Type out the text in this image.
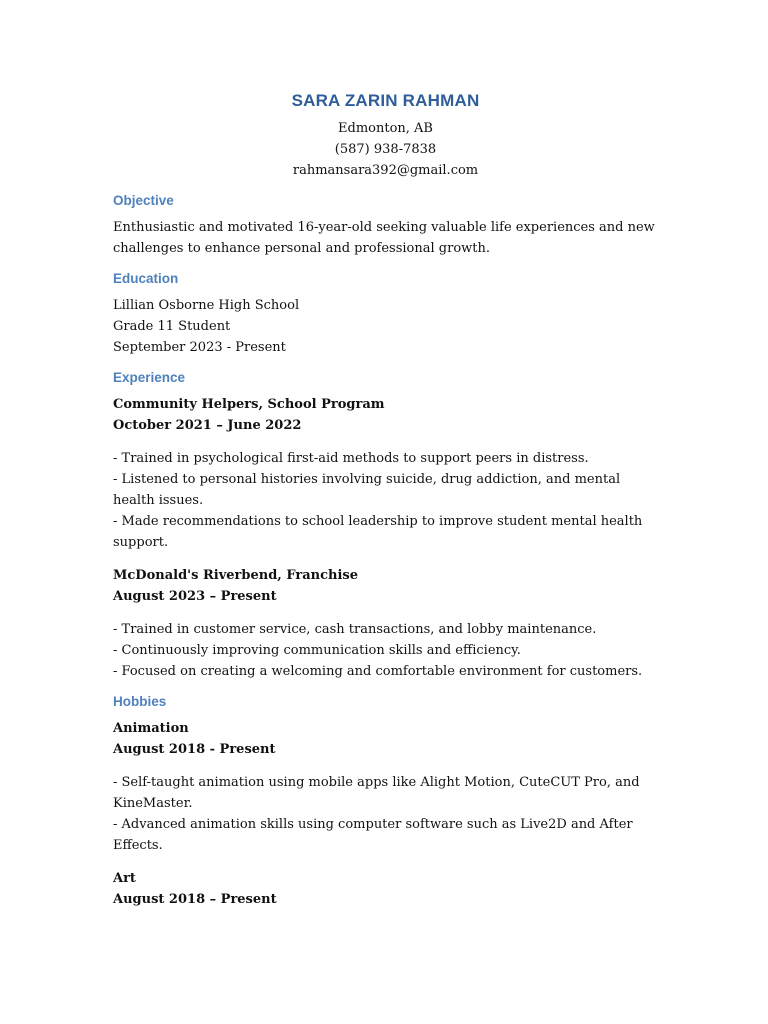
SARA ZARIN RAHMAN
Edmonton, AB
(587) 938-7838
rahmansara392@gmail.com
Objective

Enthusiastic and motivated 16-year-old seeking valuable life experiences and new challenges to enhance personal and professional growth.

Education

Lillian Osborne High School

Grade 11 Student

September 2023 - Present

Experience

Community Helpers, School Program

October 2021 – June 2022

- Trained in psychological first-aid methods to support peers in distress.

- Listened to personal histories involving suicide, drug addiction, and mental health issues.

- Made recommendations to school leadership to improve student mental health support.

McDonald's Riverbend, Franchise

August 2023 – Present

- Trained in customer service, cash transactions, and lobby maintenance.

- Continuously improving communication skills and efficiency.

- Focused on creating a welcoming and comfortable environment for customers.

Hobbies

Animation

August 2018 - Present

- Self-taught animation using mobile apps like Alight Motion, CuteCUT Pro, and KineMaster.

- Advanced animation skills using computer software such as Live2D and After Effects.

Art

August 2018 – Present
